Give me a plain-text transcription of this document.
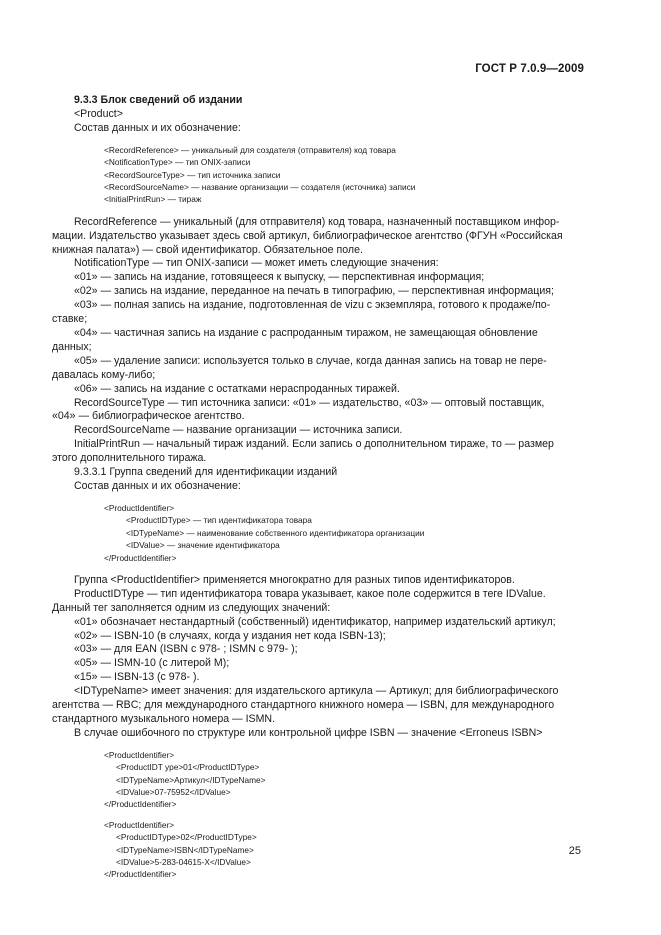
ГОСТ Р 7.0.9—2009

9.3.3 Блок сведений об издании

<Product>

Состав данных и их обозначение:

<RecordReference> — уникальный для создателя (отправителя) код товара

<NotificationType> — тип ONIX-записи

<RecordSourceType> — тип источника записи

<RecordSourceName> — название организации — создателя (источника) записи

<InitialPrintRun> — тираж

RecordReference — уникальный (для отправителя) код товара, назначенный поставщиком инфор-

мации. Издательство указывает здесь свой артикул, библиографическое агентство (ФГУН «Российская

книжная палата») — свой идентификатор. Обязательное поле.

NotificationType — тип ONIX-записи — может иметь следующие значения:

«01» — запись на издание, готовящееся к выпуску, — перспективная информация;

«02» — запись на издание, переданное на печать в типографию, — перспективная информация;

«03» — полная запись на издание, подготовленная de vizu с экземпляра, готового к продаже/по-

ставке;

«04» — частичная запись на издание с распроданным тиражом, не замещающая обновление

данных;

«05» — удаление записи: используется только в случае, когда данная запись на товар не пере-

давалась кому-либо;

«06» — запись на издание с остатками нераспроданных тиражей.

RecordSourceType — тип источника записи: «01» — издательство, «03» — оптовый поставщик,

«04» — библиографическое агентство.

RecordSourceName — название организации — источника записи.

InitialPrintRun — начальный тираж изданий. Если запись о дополнительном тираже, то — размер

этого дополнительного тиража.

9.3.3.1 Группа сведений для идентификации изданий

Состав данных и их обозначение:

<ProductIdentifier>

<ProductIDType> — тип идентификатора товара

<IDTypeName> — наименование собственного идентификатора организации

<IDValue> — значение идентификатора

</ProductIdentifier>

Группа <ProductIdentifier> применяется многократно для разных типов идентификаторов.

ProductIDType — тип идентификатора товара указывает, какое поле содержится в теге IDValue.

Данный тег заполняется одним из следующих значений:

«01» обозначает нестандартный (собственный) идентификатор, например издательский артикул;

«02» — ISBN-10 (в случаях, когда у издания нет кода ISBN-13);

«03» — для EAN (ISBN с 978- ; ISMN с 979- );

«05» — ISMN-10 (с литерой М);

«15» — ISBN-13 (с 978- ).

<IDTypeName> имеет значения: для издательского артикула — Артикул; для библиографического

агентства — RBC; для международного стандартного книжного номера — ISBN, для международного

стандартного музыкального номера — ISMN.

В случае ошибочного по структуре или контрольной цифре ISBN — значение <Erroneus ISBN>

<ProductIdentifier>

<ProductIDT ype>01</ProductIDType>

<IDTypeName>Артикул</IDTypeName>

<IDValue>07-75952</IDValue>

</ProductIdentifier>

<ProductIdentifier>

<ProductIDType>02</ProductIDType>

<IDTypeName>ISBN</IDTypeName>

<IDValue>5-283-04615-X</IDValue>

</ProductIdentifier>

25
